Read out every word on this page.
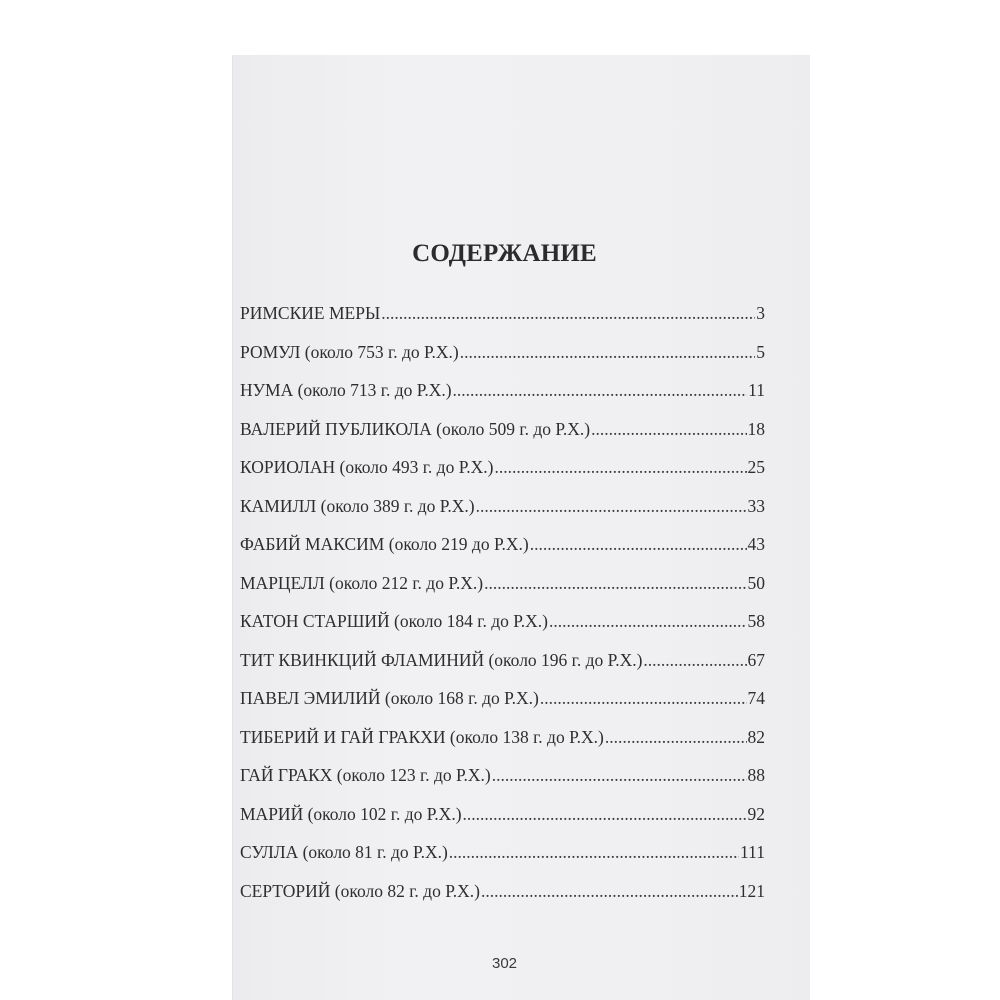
СОДЕРЖАНИЕ
РИМСКИЕ МЕРЫ .....	3
РОМУЛ (около 753 г. до Р.Х.) .....	5
НУМА (около 713 г. до Р.Х.) .....	11
ВАЛЕРИЙ ПУБЛИКОЛА (около 509 г. до Р.Х.) .....	18
КОРИОЛАН (около 493 г. до Р.Х.) .....	25
КАМИЛЛ (около 389 г. до Р.Х.) .....	33
ФАБИЙ МАКСИМ (около 219 до Р.Х.) .....	43
МАРЦЕЛЛ (около 212 г. до Р.Х.) .....	50
КАТОН СТАРШИЙ (около 184 г. до Р.Х.) .....	58
ТИТ КВИНКЦИЙ ФЛАМИНИЙ (около 196 г. до Р.Х.) .....	67
ПАВЕЛ ЭМИЛИЙ (около 168 г. до Р.Х.) .....	74
ТИБЕРИЙ И ГАЙ ГРАКХИ (около 138 г. до Р.Х.) .....	82
ГАЙ ГРАКХ (около 123 г. до Р.Х.) .....	88
МАРИЙ (около 102 г. до Р.Х.) .....	92
СУЛЛА (около 81 г. до Р.Х.) .....	111
СЕРТОРИЙ (около 82 г. до Р.Х.) .....	121
302
